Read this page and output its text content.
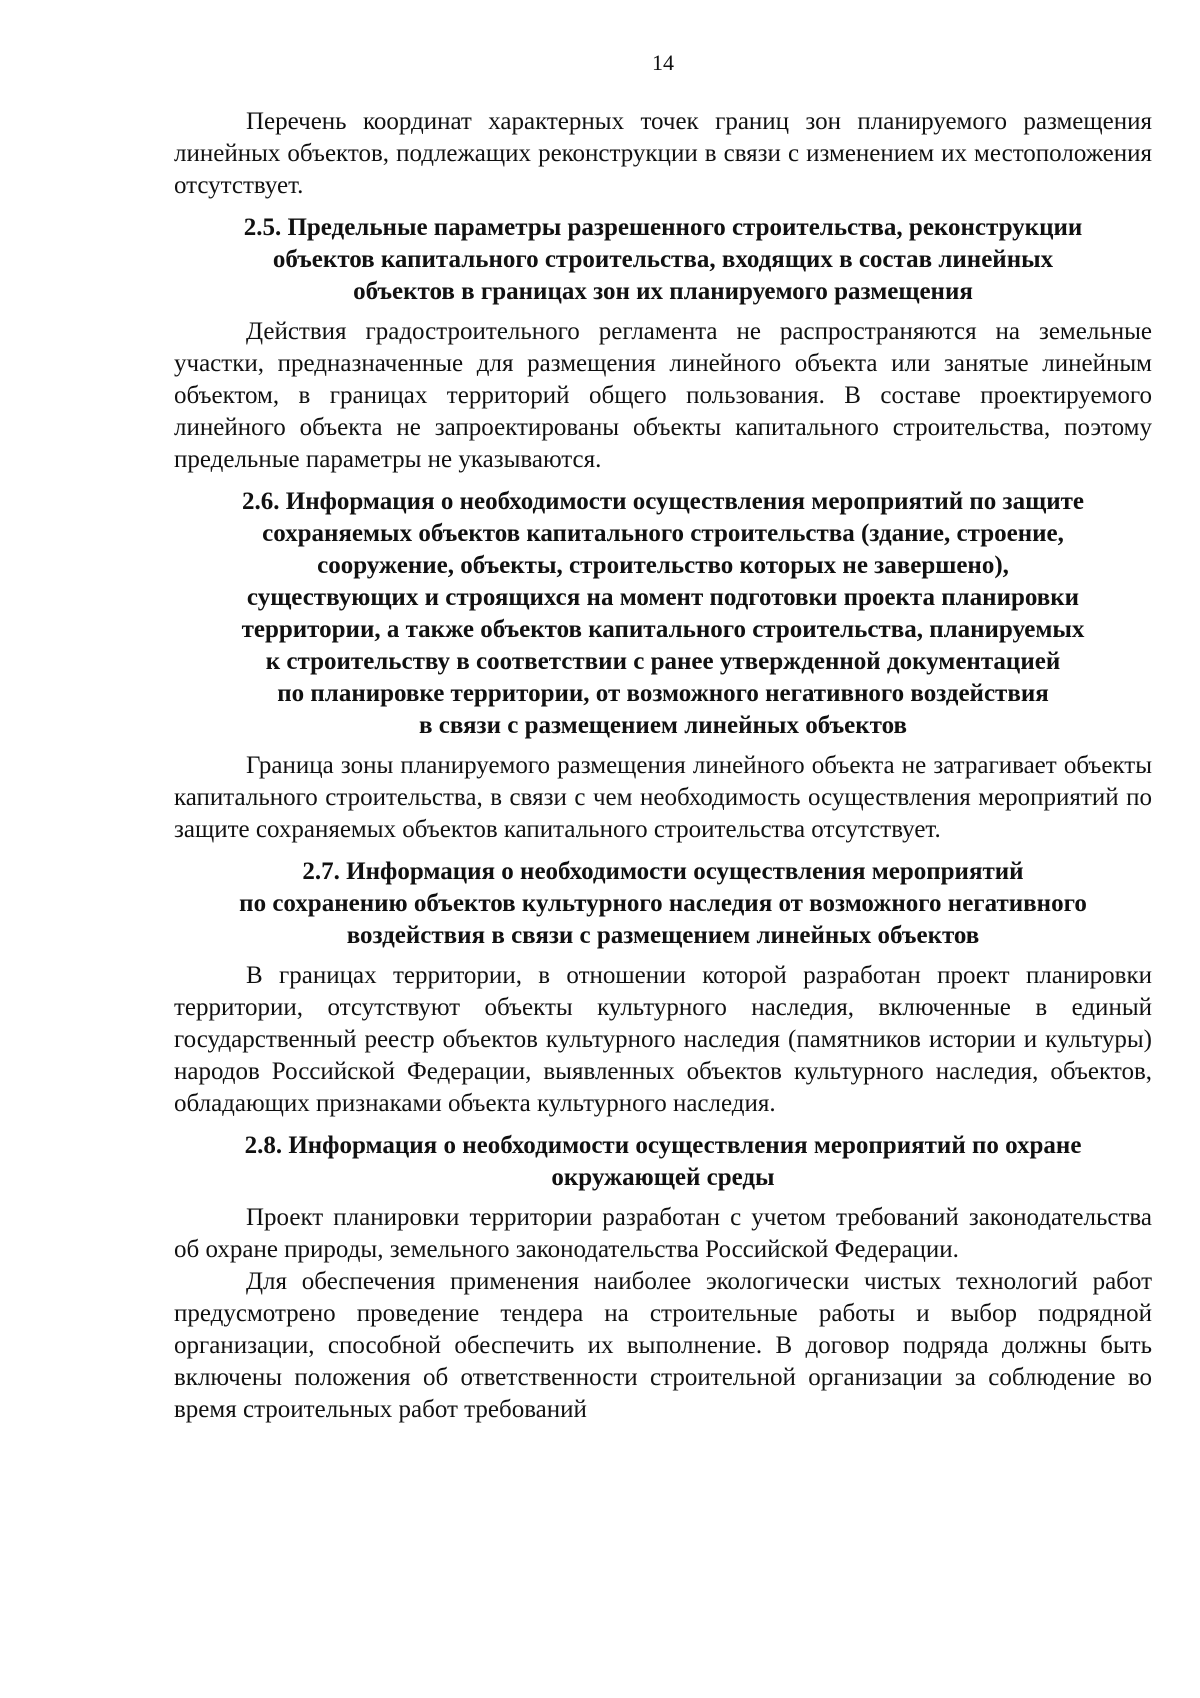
14

Перечень координат характерных точек границ зон планируемого размещения линейных объектов, подлежащих реконструкции в связи с изменением их местоположения отсутствует.

2.5. Предельные параметры разрешенного строительства, реконструкции
объектов капитального строительства, входящих в состав линейных
объектов в границах зон их планируемого размещения

Действия градостроительного регламента не распространяются на земельные участки, предназначенные для размещения линейного объекта или занятые линейным объектом, в границах территорий общего пользования. В составе проектируемого линейного объекта не запроектированы объекты капитального строительства, поэтому предельные параметры не указываются.

2.6. Информация о необходимости осуществления мероприятий по защите
сохраняемых объектов капитального строительства (здание, строение,
сооружение, объекты, строительство которых не завершено),
существующих и строящихся на момент подготовки проекта планировки
территории, а также объектов капитального строительства, планируемых
к строительству в соответствии с ранее утвержденной документацией
по планировке территории, от возможного негативного воздействия
в связи с размещением линейных объектов

Граница зоны планируемого размещения линейного объекта не затрагивает объекты капитального строительства, в связи с чем необходимость осуществления мероприятий по защите сохраняемых объектов капитального строительства отсутствует.

2.7. Информация о необходимости осуществления мероприятий
по сохранению объектов культурного наследия от возможного негативного
воздействия в связи с размещением линейных объектов

В границах территории, в отношении которой разработан проект планировки территории, отсутствуют объекты культурного наследия, включенные в единый государственный реестр объектов культурного наследия (памятников истории и культуры) народов Российской Федерации, выявленных объектов культурного наследия, объектов, обладающих признаками объекта культурного наследия.

2.8. Информация о необходимости осуществления мероприятий по охране
окружающей среды

Проект планировки территории разработан с учетом требований законодательства об охране природы, земельного законодательства Российской Федерации.

Для обеспечения применения наиболее экологически чистых технологий работ предусмотрено проведение тендера на строительные работы и выбор подрядной организации, способной обеспечить их выполнение. В договор подряда должны быть включены положения об ответственности строительной организации за соблюдение во время строительных работ требований
